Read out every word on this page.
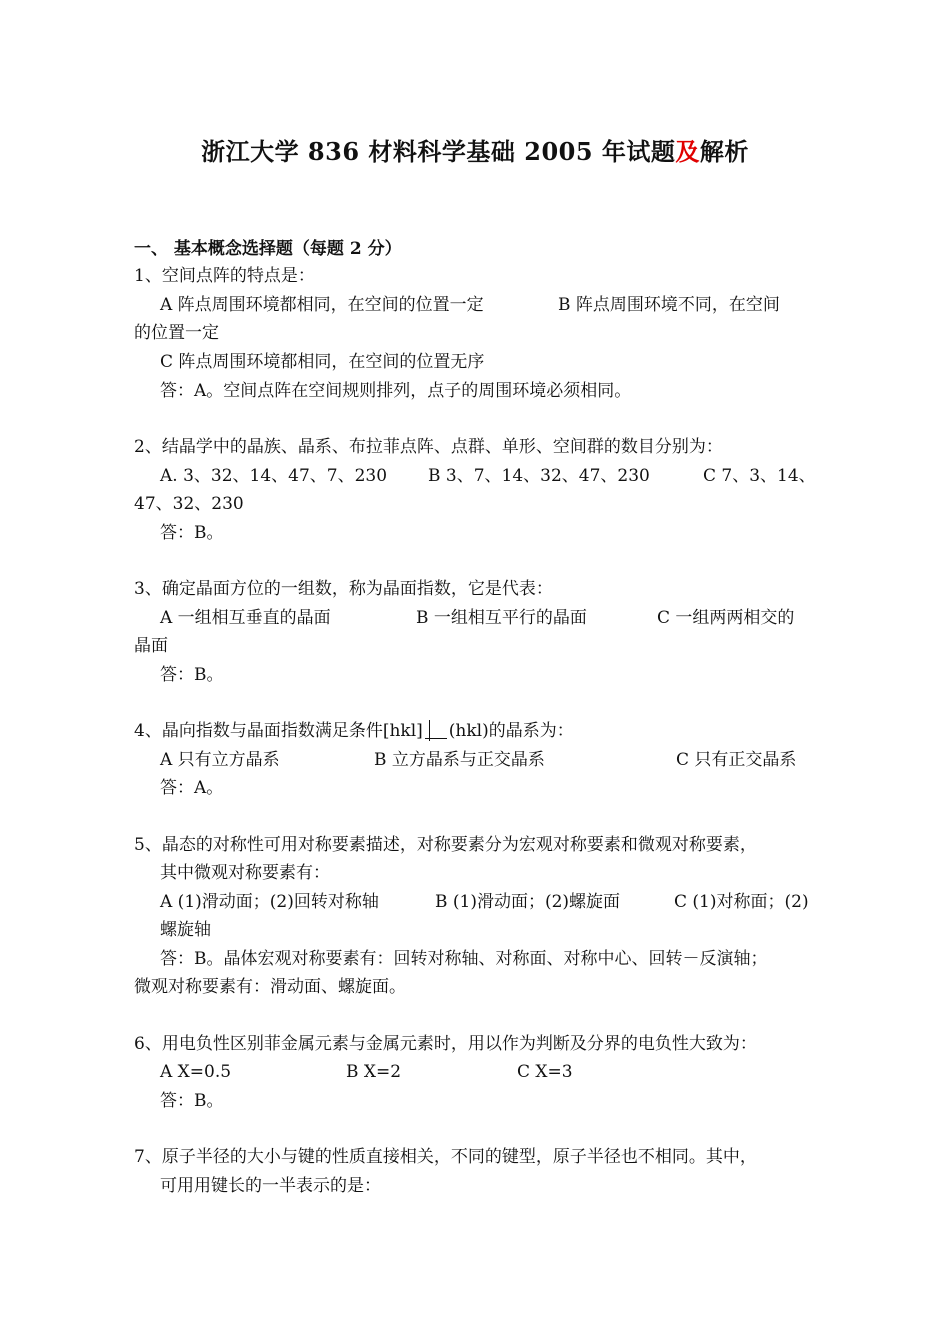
浙江大学 836 材料科学基础 2005 年试题及解析
一、 基本概念选择题（每题 2 分）
1、空间点阵的特点是：
A 阵点周围环境都相同，在空间的位置一定	B 阵点周围环境不同，在空间
的位置一定
C 阵点周围环境都相同，在空间的位置无序
答：A。空间点阵在空间规则排列，点子的周围环境必须相同。
2、结晶学中的晶族、晶系、布拉菲点阵、点群、单形、空间群的数目分别为：
A. 3、32、14、47、7、230 B 3、7、14、32、47、230	C 7、3、14、
47、32、230
答：B。
3、确定晶面方位的一组数，称为晶面指数，它是代表：
A 一组相互垂直的晶面	B 一组相互平行的晶面	C 一组两两相交的
晶面
答：B。
4、晶向指数与晶面指数满足条件[hkl] (hkl)的晶系为：
A 只有立方晶系	B 立方晶系与正交晶系	C 只有正交晶系
答：A。
5、晶态的对称性可用对称要素描述，对称要素分为宏观对称要素和微观对称要素，
其中微观对称要素有：
A (1)滑动面；(2)回转对称轴	B (1)滑动面；(2)螺旋面	C (1)对称面；(2)
螺旋轴
答：B。晶体宏观对称要素有：回转对称轴、对称面、对称中心、回转－反演轴；
微观对称要素有：滑动面、螺旋面。
6、用电负性区别菲金属元素与金属元素时，用以作为判断及分界的电负性大致为：
A X=0.5	B X=2	C X=3
答：B。
7、原子半径的大小与键的性质直接相关，不同的键型，原子半径也不相同。其中，
可用用键长的一半表示的是：
